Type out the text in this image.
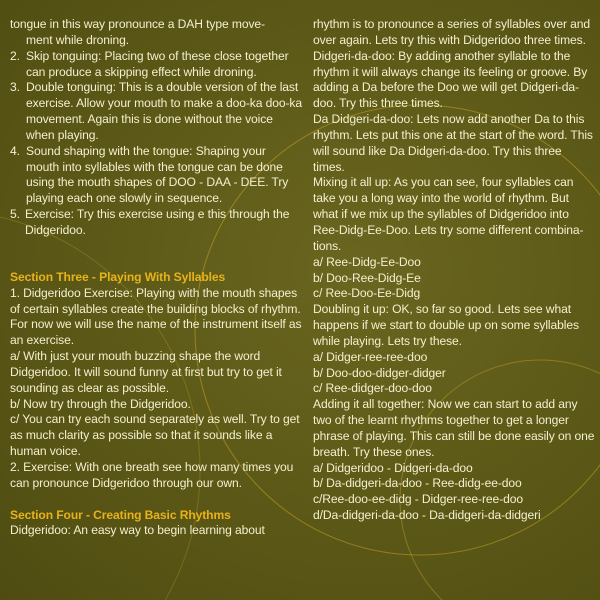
tongue in this way pronounce a DAH type move-

ment while droning.

2. Skip tonguing: Placing two of these close together can produce a skipping effect while droning.
3. Double tonguing: This is a double version of the last exercise. Allow your mouth to make a doo-ka doo-ka movement. Again this is done without the voice when playing.
4. Sound shaping with the tongue: Shaping your mouth into syllables with the tongue can be done using the mouth shapes of DOO - DAA - DEE. Try playing each one slowly in sequence.
5. Exercise: Try this exercise using e this through the Didgeridoo.

Section Three - Playing With Syllables

1. Didgeridoo Exercise: Playing with the mouth shapes of certain syllables create the building blocks of rhythm. For now we will use the name of the instrument itself as an exercise.

a/ With just your mouth buzzing shape the word Didgeridoo. It will sound funny at first but try to get it sounding as clear as possible.

b/ Now try through the Didgeridoo.

c/ You can try each sound separately as well. Try to get as much clarity as possible so that it sounds like a human voice.

2. Exercise: With one breath see how many times you can pronounce Didgeridoo through our own.

Section Four - Creating Basic Rhythms

Didgeridoo: An easy way to begin learning about

rhythm is to pronounce a series of syllables over and over again. Lets try this with Didgeridoo three times.

Didgeri-da-doo: By adding another syllable to the rhythm it will always change its feeling or groove. By adding a Da before the Doo we will get Didgeri-da-doo. Try this three times.

Da Didgeri-da-doo: Lets now add another Da to this rhythm. Lets put this one at the start of the word. This will sound like Da Didgeri-da-doo. Try this three times.

Mixing it all up: As you can see, four syllables can take you a long way into the world of rhythm. But what if we mix up the syllables of Didgeridoo into Ree-Didg-Ee-Doo. Lets try some different combina-tions.

a/ Ree-Didg-Ee-Doo

b/ Doo-Ree-Didg-Ee

c/ Ree-Doo-Ee-Didg

Doubling it up: OK, so far so good. Lets see what happens if we start to double up on some syllables while playing. Lets try these.

a/ Didger-ree-ree-doo

b/ Doo-doo-didger-didger

c/ Ree-didger-doo-doo

Adding it all together: Now we can start to add any two of the learnt rhythms together to get a longer phrase of playing. This can still be done easily on one breath. Try these ones.

a/ Didgeridoo - Didgeri-da-doo

b/ Da-didgeri-da-doo - Ree-didg-ee-doo

c/Ree-doo-ee-didg - Didger-ree-ree-doo

d/Da-didgeri-da-doo - Da-didgeri-da-didgeri
